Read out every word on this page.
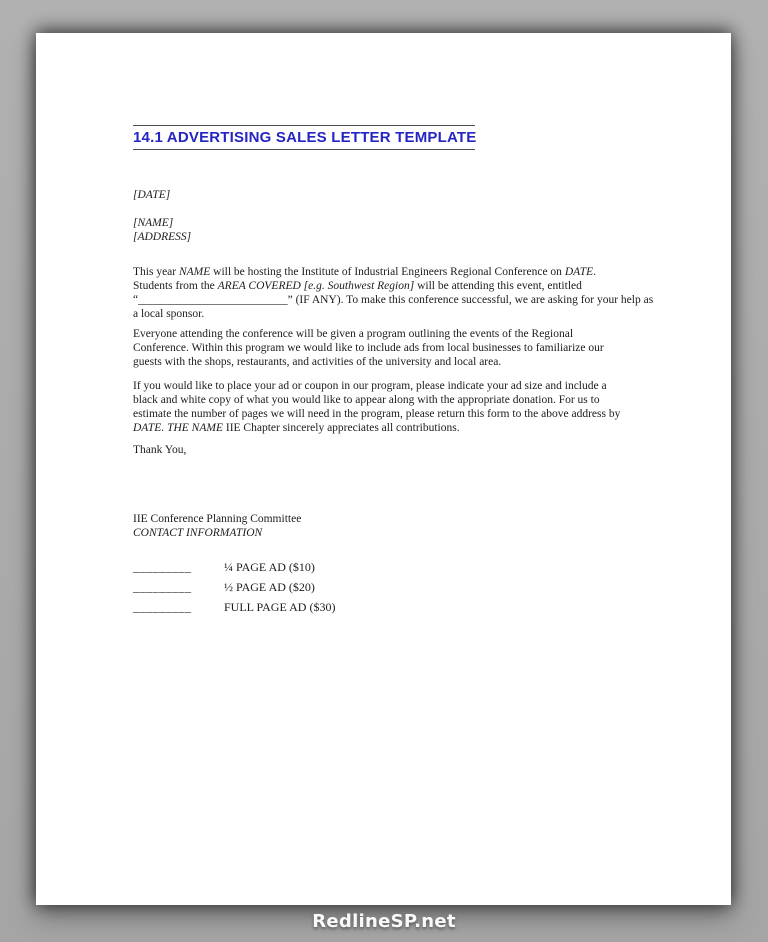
14.1 ADVERTISING SALES LETTER TEMPLATE
[DATE]
[NAME]
[ADDRESS]

This year NAME will be hosting the Institute of Industrial Engineers Regional Conference on DATE.
Students from the AREA COVERED [e.g. Southwest Region] will be attending this event, entitled
“__________________________” (IF ANY). To make this conference successful, we are asking for your help as
a local sponsor.

Everyone attending the conference will be given a program outlining the events of the Regional
Conference. Within this program we would like to include ads from local businesses to familiarize our
guests with the shops, restaurants, and activities of the university and local area.

If you would like to place your ad or coupon in our program, please indicate your ad size and include a
black and white copy of what you would like to appear along with the appropriate donation. For us to
estimate the number of pages we will need in the program, please return this form to the above address by
DATE. THE NAME IIE Chapter sincerely appreciates all contributions.

Thank You,
IIE Conference Planning Committee
CONTACT INFORMATION
_________	¼ PAGE AD ($10)
_________	½ PAGE AD ($20)
_________	FULL PAGE AD ($30)
RedlineSP.net
